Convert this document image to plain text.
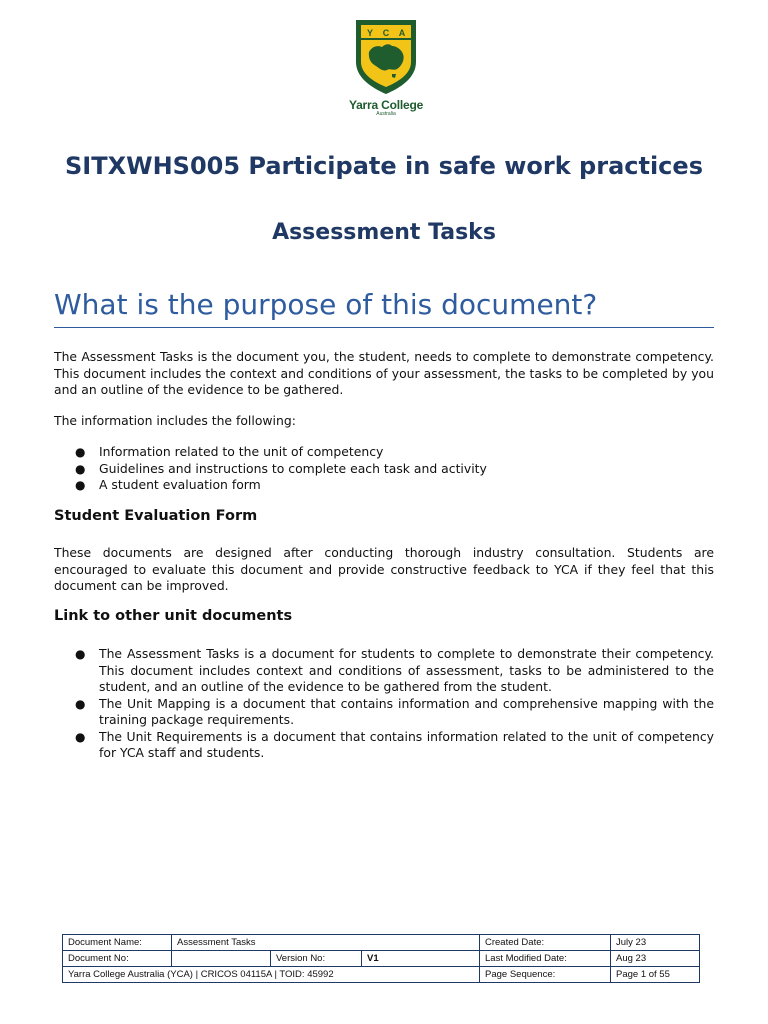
Y C A
Yarra College
Australia
SITXWHS005 Participate in safe work practices
Assessment Tasks
What is the purpose of this document?

The Assessment Tasks is the document you, the student, needs to complete to demonstrate competency. This document includes the context and conditions of your assessment, the tasks to be completed by you and an outline of the evidence to be gathered.

The information includes the following:

● Information related to the unit of competency
● Guidelines and instructions to complete each task and activity
● A student evaluation form
Student Evaluation Form

These documents are designed after conducting thorough industry consultation. Students are encouraged to evaluate this document and provide constructive feedback to YCA if they feel that this document can be improved.

Link to other unit documents
● The Assessment Tasks is a document for students to complete to demonstrate their competency. This document includes context and conditions of assessment, tasks to be administered to the student, and an outline of the evidence to be gathered from the student.
● The Unit Mapping is a document that contains information and comprehensive mapping with the training package requirements.
● The Unit Requirements is a document that contains information related to the unit of competency for YCA staff and students.
Document Name:	Assessment Tasks			Created Date:	July 23
Document No:		Version No:	V1	Last Modified Date:	Aug 23
Yarra College Australia (YCA) | CRICOS 04115A | TOID: 45992				Page Sequence:	Page 1 of 55
